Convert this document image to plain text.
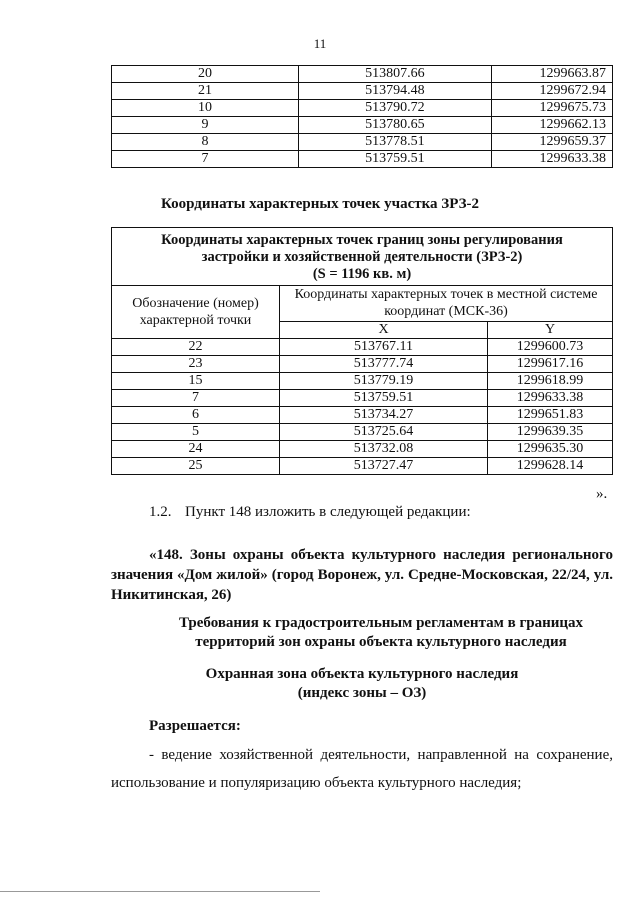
11
20	513807.66	1299663.87
21	513794.48	1299672.94
10	513790.72	1299675.73
9	513780.65	1299662.13
8	513778.51	1299659.37
7	513759.51	1299633.38
Координаты характерных точек участка ЗРЗ-2
Координаты характерных точек границ зоны регулирования
застройки и хозяйственной деятельности (ЗРЗ-2)
(S = 1196 кв. м)		

Обозначение (номер) характерной точки	Координаты характерных точек в местной системе координат (МСК-36)	
	X	Y
22	513767.11	1299600.73
23	513777.74	1299617.16
15	513779.19	1299618.99
7	513759.51	1299633.38
6	513734.27	1299651.83
5	513725.64	1299639.35
24	513732.08	1299635.30
25	513727.47	1299628.14
».
1.2. Пункт 148 изложить в следующей редакции:
«148. Зоны охраны объекта культурного наследия регионального значения «Дом жилой» (город Воронеж, ул. Средне-Московская, 22/24, ул. Никитинская, 26)
Требования к градостроительным регламентам в границах
территорий зон охраны объекта культурного наследия
Охранная зона объекта культурного наследия
(индекс зоны – ОЗ)
Разрешается:
- ведение хозяйственной деятельности, направленной на сохранение, использование и популяризацию объекта культурного наследия;
